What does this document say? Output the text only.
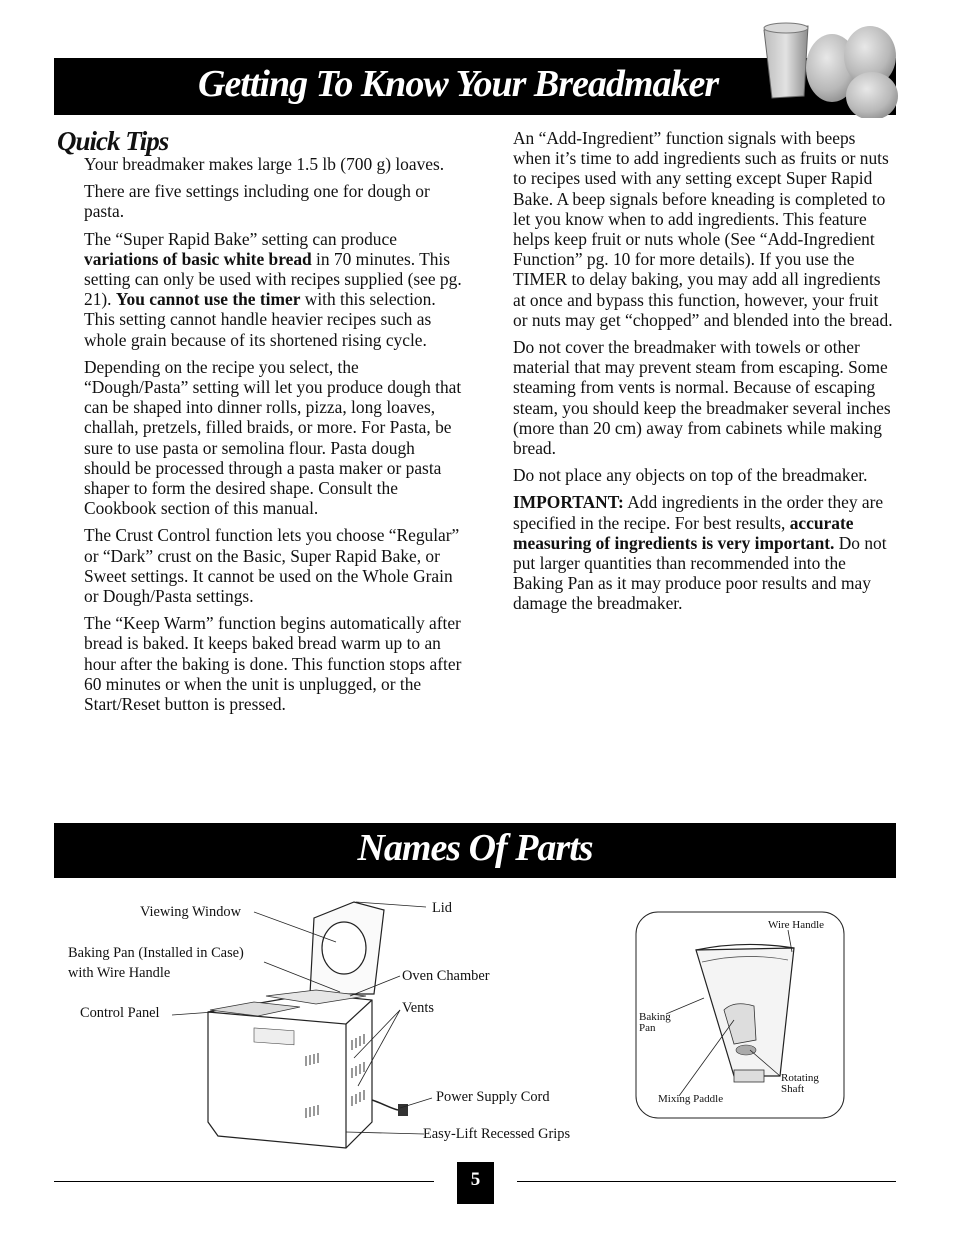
Getting To Know Your Breadmaker
Quick Tips

Your breadmaker makes large 1.5 lb (700 g) loaves.

There are five settings including one for dough or pasta.

The “Super Rapid Bake” setting can produce variations of basic white bread in 70 minutes. This setting can only be used with recipes supplied (see pg. 21). You cannot use the timer with this selection. This setting cannot handle heavier recipes such as whole grain because of its shortened rising cycle.

Depending on the recipe you select, the “Dough/Pasta” setting will let you produce dough that can be shaped into dinner rolls, pizza, long loaves, challah, pretzels, filled braids, or more. For Pasta, be sure to use pasta or semolina flour. Pasta dough should be processed through a pasta maker or pasta shaper to form the desired shape. Consult the Cookbook section of this manual.

The Crust Control function lets you choose “Regular” or “Dark” crust on the Basic, Super Rapid Bake, or Sweet settings. It cannot be used on the Whole Grain or Dough/Pasta settings.

The “Keep Warm” function begins automatically after bread is baked. It keeps baked bread warm up to an hour after the baking is done. This function stops after 60 minutes or when the unit is unplugged, or the Start/Reset button is pressed.

An “Add-Ingredient” function signals with beeps when it’s time to add ingredients such as fruits or nuts to recipes used with any setting except Super Rapid Bake. A beep signals before kneading is completed to let you know when to add ingredients. This feature helps keep fruit or nuts whole (See “Add-Ingredient Function” pg. 10 for more details). If you use the TIMER to delay baking, you may add all ingredients at once and bypass this function, however, your fruit or nuts may get “chopped” and blended into the bread.

Do not cover the breadmaker with towels or other material that may prevent steam from escaping. Some steaming from vents is normal. Because of escaping steam, you should keep the breadmaker several inches (more than 20 cm) away from cabinets while making bread.

Do not place any objects on top of the breadmaker.

IMPORTANT: Add ingredients in the order they are specified in the recipe. For best results, accurate measuring of ingredients is very important. Do not put larger quantities than recommended into the Baking Pan as it may produce poor results and may damage the breadmaker.

Names Of Parts
Viewing Window
Baking Pan (Installed in Case)
with Wire Handle
Control Panel
Lid
Oven Chamber
Vents
Power Supply Cord
Easy-Lift Recessed Grips
Wire Handle
Baking
Pan
Rotating
Shaft
Mixing Paddle
5
